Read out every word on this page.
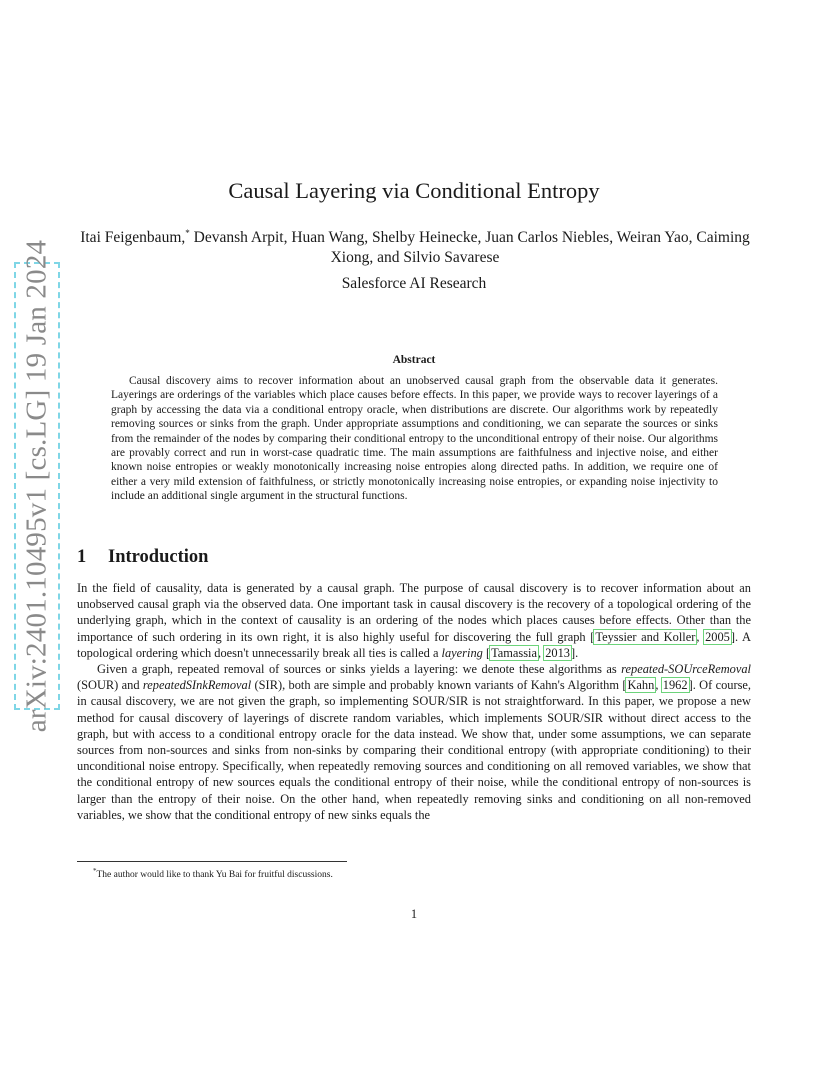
arXiv:2401.10495v1 [cs.LG] 19 Jan 2024
Causal Layering via Conditional Entropy
Itai Feigenbaum,* Devansh Arpit, Huan Wang, Shelby Heinecke, Juan Carlos Niebles, Weiran Yao, Caiming Xiong, and Silvio Savarese
Salesforce AI Research
Abstract

Causal discovery aims to recover information about an unobserved causal graph from the observable data it generates. Layerings are orderings of the variables which place causes before effects. In this paper, we provide ways to recover layerings of a graph by accessing the data via a conditional entropy oracle, when distributions are discrete. Our algorithms work by repeatedly removing sources or sinks from the graph. Under appropriate assumptions and conditioning, we can separate the sources or sinks from the remainder of the nodes by comparing their conditional entropy to the unconditional entropy of their noise. Our algorithms are provably correct and run in worst-case quadratic time. The main assumptions are faithfulness and injective noise, and either known noise entropies or weakly monotonically increasing noise entropies along directed paths. In addition, we require one of either a very mild extension of faithfulness, or strictly monotonically increasing noise entropies, or expanding noise injectivity to include an additional single argument in the structural functions.

1 Introduction

In the field of causality, data is generated by a causal graph. The purpose of causal discovery is to recover information about an unobserved causal graph via the observed data. One important task in causal discovery is the recovery of a topological ordering of the underlying graph, which in the context of causality is an ordering of the nodes which places causes before effects. Other than the importance of such ordering in its own right, it is also highly useful for discovering the full graph [Teyssier and Koller, 2005]. A topological ordering which doesn't unnecessarily break all ties is called a layering [Tamassia, 2013].

Given a graph, repeated removal of sources or sinks yields a layering: we denote these algorithms as repeated-SOUrceRemoval (SOUR) and repeatedSInkRemoval (SIR), both are simple and probably known variants of Kahn's Algorithm [Kahn, 1962]. Of course, in causal discovery, we are not given the graph, so implementing SOUR/SIR is not straightforward. In this paper, we propose a new method for causal discovery of layerings of discrete random variables, which implements SOUR/SIR without direct access to the graph, but with access to a conditional entropy oracle for the data instead. We show that, under some assumptions, we can separate sources from non-sources and sinks from non-sinks by comparing their conditional entropy (with appropriate conditioning) to their unconditional noise entropy. Specifically, when repeatedly removing sources and conditioning on all removed variables, we show that the conditional entropy of new sources equals the conditional entropy of their noise, while the conditional entropy of non-sources is larger than the entropy of their noise. On the other hand, when repeatedly removing sinks and conditioning on all non-removed variables, we show that the conditional entropy of new sinks equals the

*The author would like to thank Yu Bai for fruitful discussions.
1
